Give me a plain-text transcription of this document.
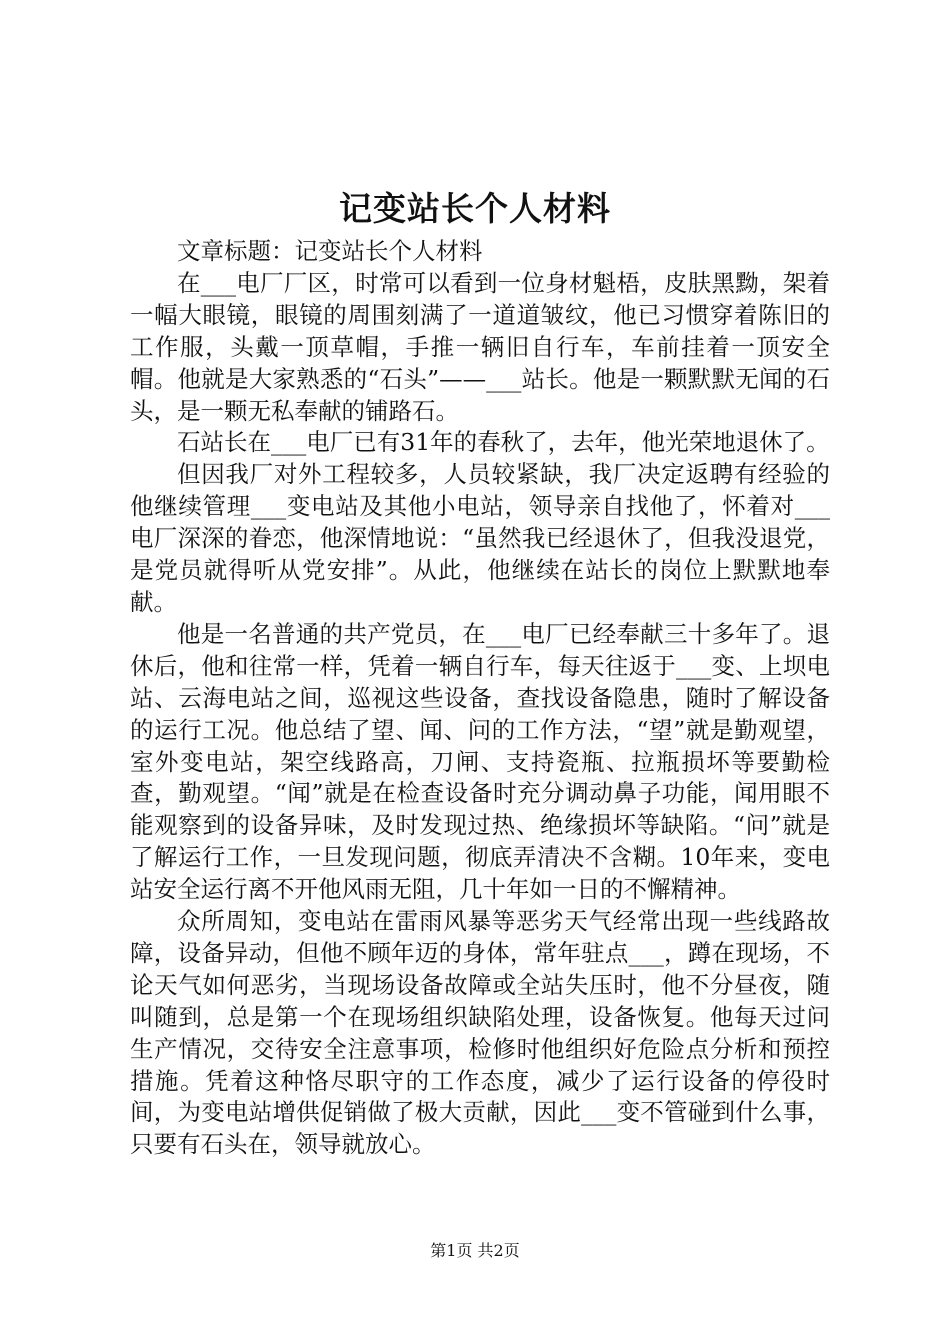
记变站长个人材料

文章标题：记变站长个人材料

在___电厂厂区，时常可以看到一位身材魁梧，皮肤黑黝，架着一幅大眼镜，眼镜的周围刻满了一道道皱纹，他已习惯穿着陈旧的工作服，头戴一顶草帽，手推一辆旧自行车，车前挂着一顶安全帽。他就是大家熟悉的“石头”——___站长。他是一颗默默无闻的石头，是一颗无私奉献的铺路石。

石站长在___电厂已有31年的春秋了，去年，他光荣地退休了。

但因我厂对外工程较多，人员较紧缺，我厂决定返聘有经验的他继续管理___变电站及其他小电站，领导亲自找他了，怀着对___电厂深深的眷恋，他深情地说：“虽然我已经退休了，但我没退党，是党员就得听从党安排”。从此，他继续在站长的岗位上默默地奉献。

他是一名普通的共产党员，在___电厂已经奉献三十多年了。退休后，他和往常一样，凭着一辆自行车，每天往返于___变、上坝电站、云海电站之间，巡视这些设备，查找设备隐患，随时了解设备的运行工况。他总结了望、闻、问的工作方法，“望”就是勤观望，室外变电站，架空线路高，刀闸、支持瓷瓶、拉瓶损坏等要勤检查，勤观望。“闻”就是在检查设备时充分调动鼻子功能，闻用眼不能观察到的设备异味，及时发现过热、绝缘损坏等缺陷。“问”就是了解运行工作，一旦发现问题，彻底弄清决不含糊。10年来，变电站安全运行离不开他风雨无阻，几十年如一日的不懈精神。

众所周知，变电站在雷雨风暴等恶劣天气经常出现一些线路故障，设备异动，但他不顾年迈的身体，常年驻点___，蹲在现场，不论天气如何恶劣，当现场设备故障或全站失压时，他不分昼夜，随叫随到，总是第一个在现场组织缺陷处理，设备恢复。他每天过问生产情况，交待安全注意事项，检修时他组织好危险点分析和预控措施。凭着这种恪尽职守的工作态度，减少了运行设备的停役时间，为变电站增供促销做了极大贡献，因此___变不管碰到什么事，只要有石头在，领导就放心。

第1页 共2页
